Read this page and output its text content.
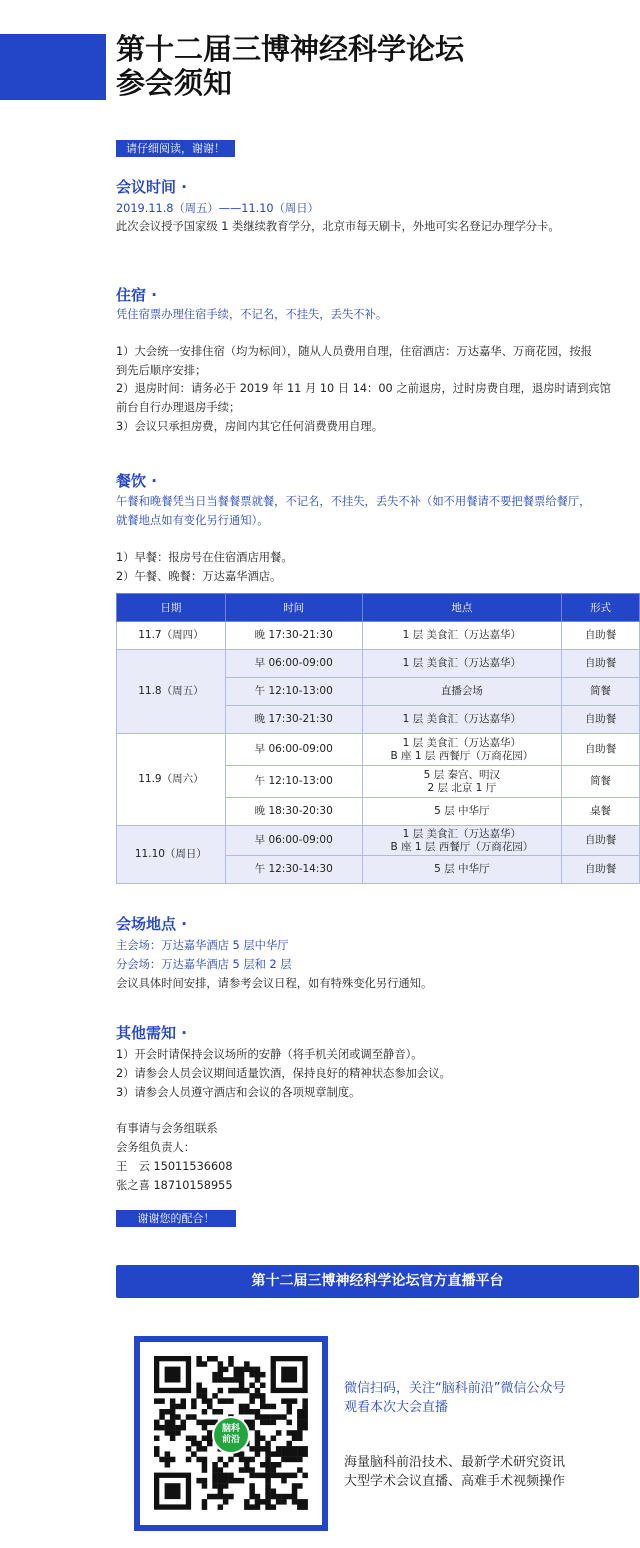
第十二届三博神经科学论坛
参会须知
请仔细阅读，谢谢！
会议时间 ·
2019.11.8（周五）——11.10（周日）
此次会议授予国家级 1 类继续教育学分，北京市每天刷卡，外地可实名登记办理学分卡。
住宿 ·
凭住宿票办理住宿手续，不记名，不挂失，丢失不补。
1）大会统一安排住宿（均为标间），随从人员费用自理，住宿酒店：万达嘉华、万商花园，按报
到先后顺序安排；
2）退房时间：请务必于 2019 年 11 月 10 日 14：00 之前退房，过时房费自理，退房时请到宾馆
前台自行办理退房手续；
3）会议只承担房费，房间内其它任何消费费用自理。
餐饮 ·
午餐和晚餐凭当日当餐餐票就餐，不记名，不挂失，丢失不补（如不用餐请不要把餐票给餐厅，
就餐地点如有变化另行通知）。
1）早餐：报房号在住宿酒店用餐。
2）午餐、晚餐：万达嘉华酒店。
日期	时间	地点	形式
11.7（周四）	晚 17:30-21:30	1 层 美食汇（万达嘉华）	自助餐
11.8（周五）	早 06:00-09:00	1 层 美食汇（万达嘉华）	自助餐
	午 12:10-13:00	直播会场	简餐
	晚 17:30-21:30	1 层 美食汇（万达嘉华）	自助餐
11.9（周六）	早 06:00-09:00	1 层 美食汇（万达嘉华）
B 座 1 层 西餐厅（万商花园）	自助餐
	午 12:10-13:00	5 层 秦宫、明汉
2 层 北京 1 厅	简餐
	晚 18:30-20:30	5 层 中华厅	桌餐
11.10（周日）	早 06:00-09:00	1 层 美食汇（万达嘉华）
B 座 1 层 西餐厅（万商花园）	自助餐
	午 12:30-14:30	5 层 中华厅	自助餐
会场地点 ·
主会场：万达嘉华酒店 5 层中华厅
分会场：万达嘉华酒店 5 层和 2 层
会议具体时间安排，请参考会议日程，如有特殊变化另行通知。
其他需知 ·
1）开会时请保持会议场所的安静（将手机关闭或调至静音）。
2）请参会人员会议期间适量饮酒，保持良好的精神状态参加会议。
3）请参会人员遵守酒店和会议的各项规章制度。
有事请与会务组联系
会务组负责人：
王　云 15011536608
张之喜 18710158955
谢谢您的配合！
第十二届三博神经科学论坛官方直播平台
脑科
前沿
微信扫码，关注“脑科前沿”微信公众号
观看本次大会直播
海量脑科前沿技术、最新学术研究资讯
大型学术会议直播、高难手术视频操作
